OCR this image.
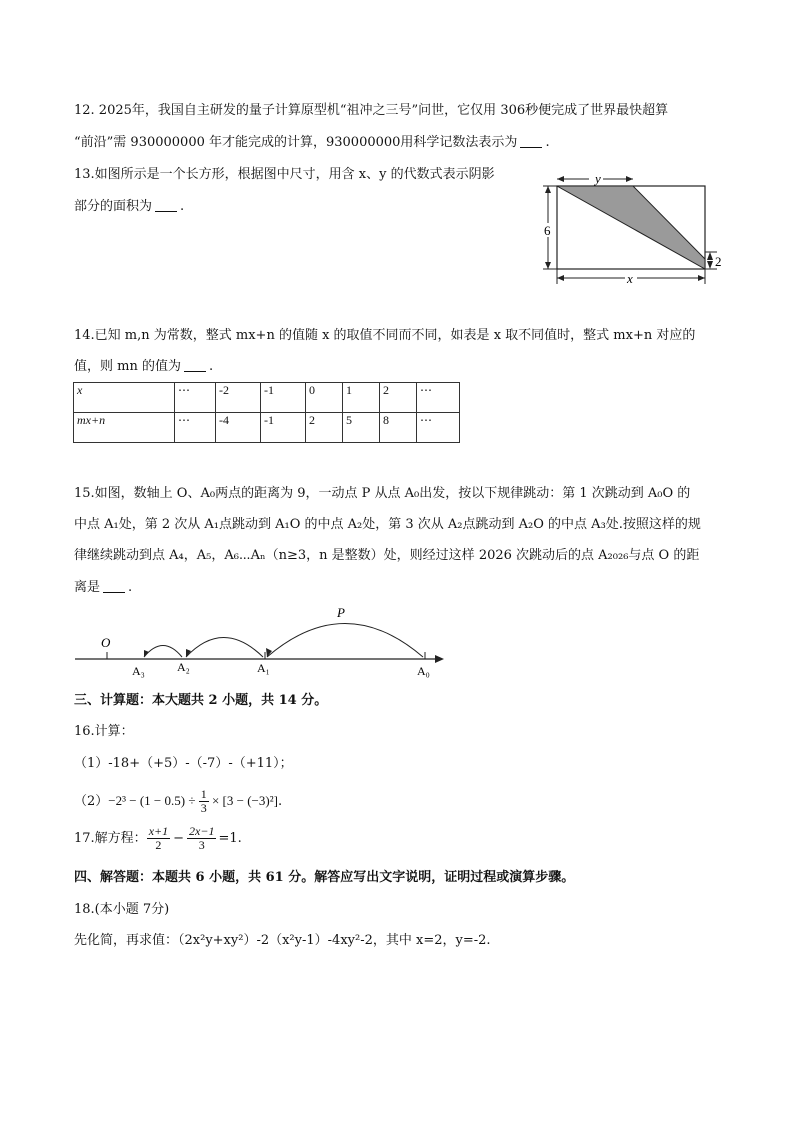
12. 2025年，我国自主研发的量子计算原型机“祖冲之三号”问世，它仅用 306秒便完成了世界最快超算
“前沿”需 930000000 年才能完成的计算，930000000用科学记数法表示为 .
13.如图所示是一个长方形，根据图中尺寸，用含 x、y 的代数式表示阴影
部分的面积为 .
y
6
2
x
14.已知 m,n 为常数，整式 mx+n 的值随 x 的取值不同而不同，如表是 x 取不同值时，整式 mx+n 对应的
值，则 mn 的值为 .
x	⋯	-2	-1	0	1	2	⋯
mx+n	⋯	-4	-1	2	5	8	⋯
15.如图，数轴上 O、A₀两点的距离为 9，一动点 P 从点 A₀出发，按以下规律跳动：第 1 次跳动到 A₀O 的
中点 A₁处，第 2 次从 A₁点跳动到 A₁O 的中点 A₂处，第 3 次从 A₂点跳动到 A₂O 的中点 A₃处.按照这样的规
律继续跳动到点 A₄，A₅，A₆⋯Aₙ（n≥3，n 是整数）处，则经过这样 2026 次跳动后的点 A₂₀₂₆与点 O 的距
离是 .
O
P
A₃	A₂	A₁	A₀
三、计算题：本大题共 2 小题，共 14 分。
16.计算：
（1）-18+（+5）-（-7）-（+11）；
$(2)-2^3 - (1 - 0.5) \div \frac{1}{3} \times [3 - (-3)^2]$.
17.解方程： $\frac{x+1}{2} - \frac{2x-1}{3} =1$.
四、解答题：本题共 6 小题，共 61 分。解答应写出文字说明，证明过程或演算步骤。
18.(本小题 7分)
先化简，再求值：（2x²y+xy²）-2（x²y-1）-4xy²-2，其中 x=2，y=-2.
